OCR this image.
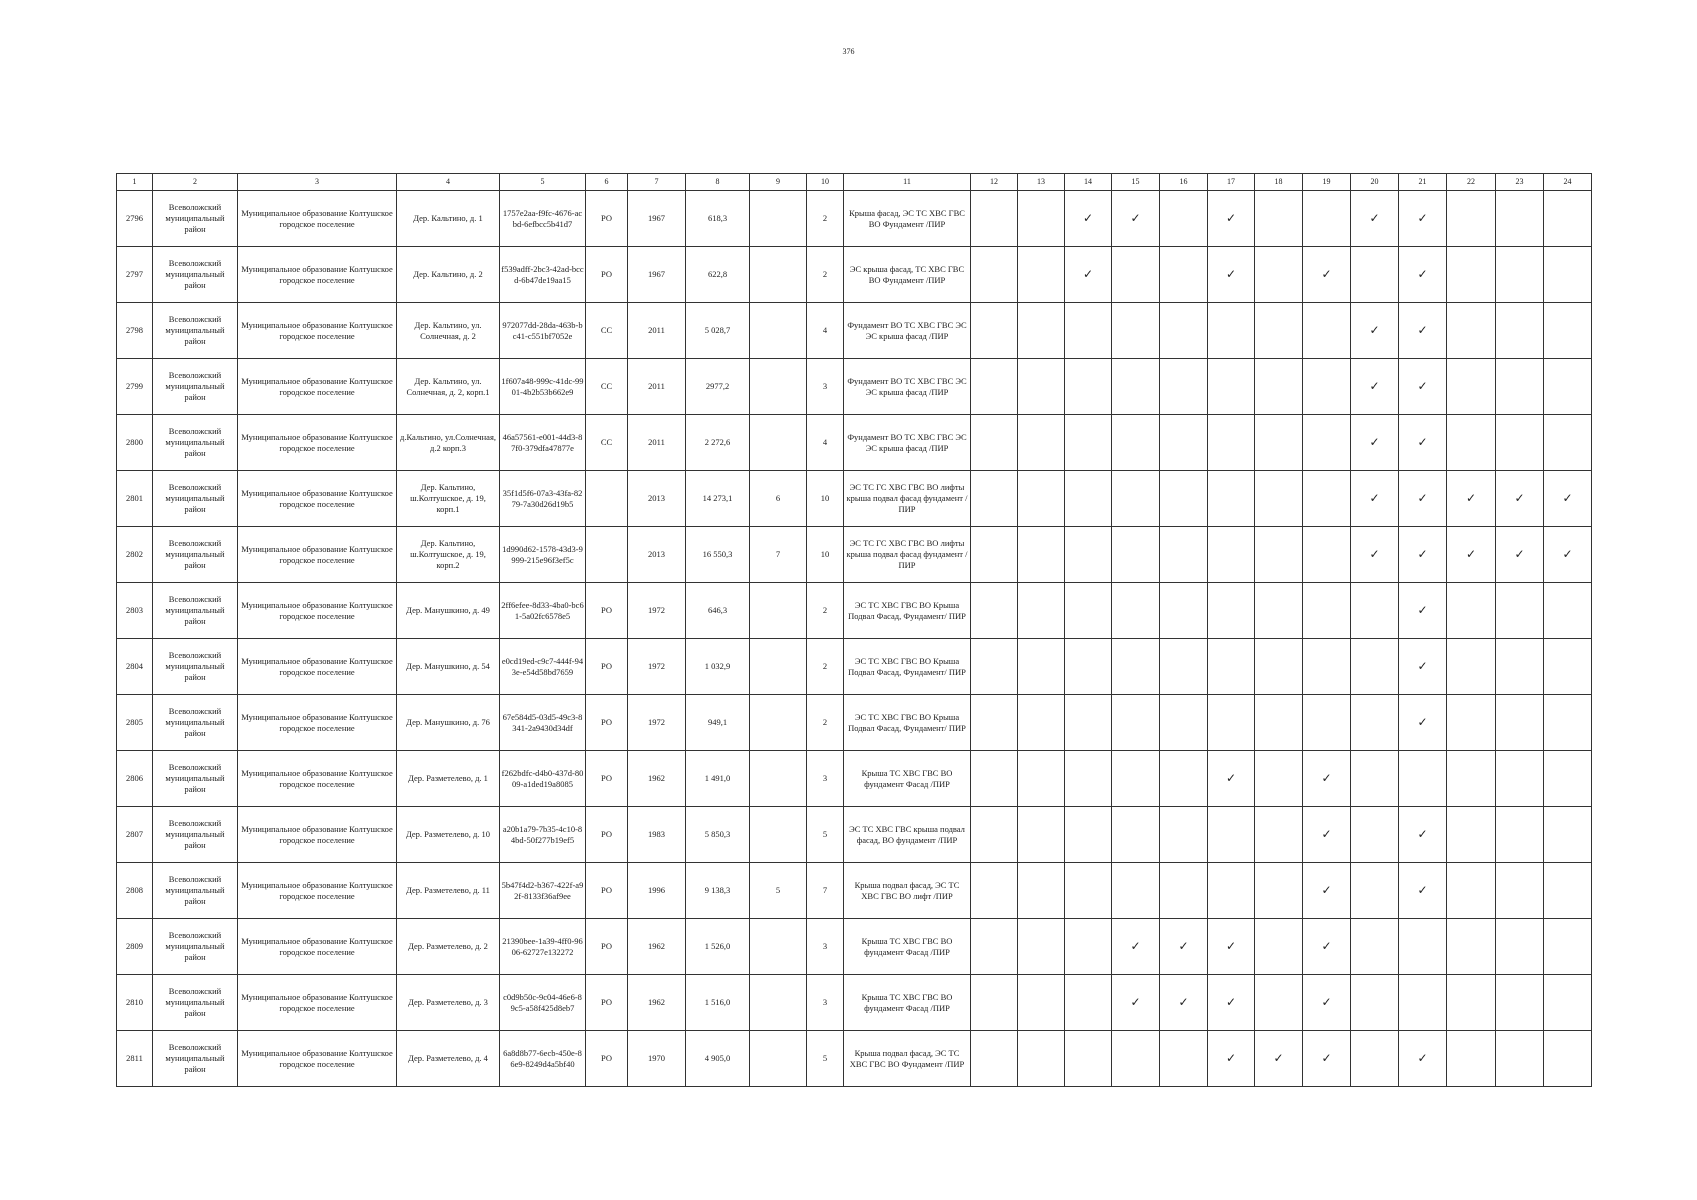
376
1	2	3	4	5	6	7	8	9	10	11	12	13	14	15	16	17	18	19	20	21	22	23	24
2796	Всеволожский муниципальный район	Муниципальное образование Колтушское городское поселение	Дер. Кальтино, д. 1	1757e2aa-f9fc-4676-acbd-6efbcc5b41d7	РО	1967	618,3		2	Крыша фасад, ЭС ТС ХВС ГВС ВО Фундамент /ПИР			✓	✓		✓			✓	✓			
2797	Всеволожский муниципальный район	Муниципальное образование Колтушское городское поселение	Дер. Кальтино, д. 2	f539adff-2bc3-42ad-bccd-6b47de19aa15	РО	1967	622,8		2	ЭС крыша фасад, ТС ХВС ГВС ВО Фундамент /ПИР			✓			✓		✓		✓			
2798	Всеволожский муниципальный район	Муниципальное образование Колтушское городское поселение	Дер. Кальтино, ул. Солнечная, д. 2	972077dd-28da-463b-bc41-c551bf7052e	СС	2011	5 028,7		4	Фундамент ВО ТС ХВС ГВС ЭС ЭС крыша фасад /ПИР									✓	✓			
2799	Всеволожский муниципальный район	Муниципальное образование Колтушское городское поселение	Дер. Кальтино, ул. Солнечная, д. 2, корп.1	1f607a48-999c-41dc-9901-4b2b53b662e9	СС	2011	2977,2		3	Фундамент ВО ТС ХВС ГВС ЭС ЭС крыша фасад /ПИР									✓	✓			
2800	Всеволожский муниципальный район	Муниципальное образование Колтушское городское поселение	д.Кальтино, ул.Солнечная, д.2 корп.3	46a57561-e001-44d3-87f0-379dfa47877e	СС	2011	2 272,6		4	Фундамент ВО ТС ХВС ГВС ЭС ЭС крыша фасад /ПИР									✓	✓			
2801	Всеволожский муниципальный район	Муниципальное образование Колтушское городское поселение	Дер. Кальтино, ш.Колтушское, д. 19, корп.1	35f1d5f6-07a3-43fa-8279-7a30d26d19b5		2013	14 273,1	6	10	ЭС ТС ГС ХВС ГВС ВО лифты крыша подвал фасад фундамент /ПИР									✓	✓	✓	✓	✓
2802	Всеволожский муниципальный район	Муниципальное образование Колтушское городское поселение	Дер. Кальтино, ш.Колтушское, д. 19, корп.2	1d990d62-1578-43d3-9999-215e96f3ef5c		2013	16 550,3	7	10	ЭС ТС ГС ХВС ГВС ВО лифты крыша подвал фасад фундамент /ПИР									✓	✓	✓	✓	✓
2803	Всеволожский муниципальный район	Муниципальное образование Колтушское городское поселение	Дер. Манушкино, д. 49	2ff6efee-8d33-4ba0-bc61-5a02fc6578e5	РО	1972	646,3		2	ЭС ТС ХВС ГВС ВО Крыша Подвал Фасад, Фундамент/ ПИР										✓			
2804	Всеволожский муниципальный район	Муниципальное образование Колтушское городское поселение	Дер. Манушкино, д. 54	e0cd19ed-c9c7-444f-943e-e54d58bd7659	РО	1972	1 032,9		2	ЭС ТС ХВС ГВС ВО Крыша Подвал Фасад, Фундамент/ ПИР										✓			
2805	Всеволожский муниципальный район	Муниципальное образование Колтушское городское поселение	Дер. Манушкино, д. 76	67e584d5-03d5-49c3-8341-2a9430d34df	РО	1972	949,1		2	ЭС ТС ХВС ГВС ВО Крыша Подвал Фасад, Фундамент/ ПИР										✓			
2806	Всеволожский муниципальный район	Муниципальное образование Колтушское городское поселение	Дер. Разметелево, д. 1	f262bdfc-d4b0-437d-8009-a1ded19a8085	РО	1962	1 491,0		3	Крыша ТС ХВС ГВС ВО фундамент Фасад /ПИР						✓		✓					
2807	Всеволожский муниципальный район	Муниципальное образование Колтушское городское поселение	Дер. Разметелево, д. 10	a20b1a79-7b35-4c10-84bd-50f277b19ef5	РО	1983	5 850,3		5	ЭС ТС ХВС ГВС крыша подвал фасад, ВО фундамент /ПИР								✓		✓			
2808	Всеволожский муниципальный район	Муниципальное образование Колтушское городское поселение	Дер. Разметелево, д. 11	5b47f4d2-b367-422f-a92f-8133f36af9ee	РО	1996	9 138,3	5	7	Крыша подвал фасад, ЭС ТС ХВС ГВС ВО лифт /ПИР								✓		✓			
2809	Всеволожский муниципальный район	Муниципальное образование Колтушское городское поселение	Дер. Разметелево, д. 2	21390bee-1a39-4ff0-9606-62727e132272	РО	1962	1 526,0		3	Крыша ТС ХВС ГВС ВО фундамент Фасад /ПИР				✓	✓	✓		✓					
2810	Всеволожский муниципальный район	Муниципальное образование Колтушское городское поселение	Дер. Разметелево, д. 3	c0d9b50c-9c04-46e6-89c5-a58f425d8eb7	РО	1962	1 516,0		3	Крыша ТС ХВС ГВС ВО фундамент Фасад /ПИР				✓	✓	✓		✓					
2811	Всеволожский муниципальный район	Муниципальное образование Колтушское городское поселение	Дер. Разметелево, д. 4	6a8d8b77-6ecb-450e-86e9-8249d4a5bf40	РО	1970	4 905,0		5	Крыша подвал фасад, ЭС ТС ХВС ГВС ВО Фундамент /ПИР						✓	✓	✓		✓			
